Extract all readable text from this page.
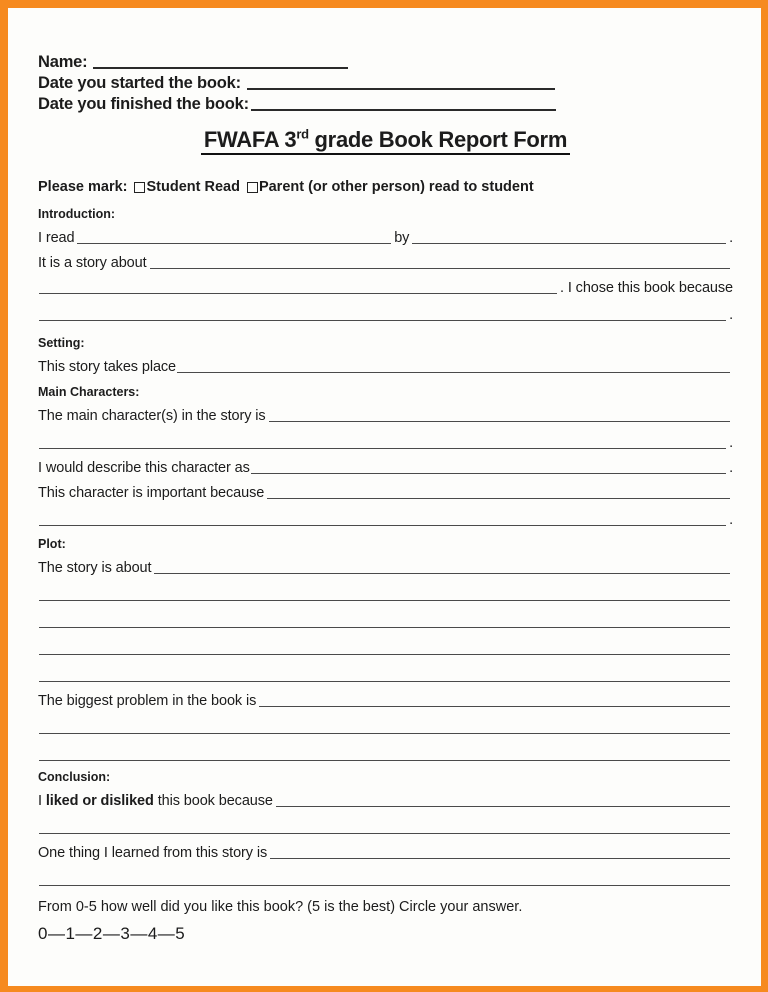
Name:
Date you started the book:
Date you finished the book:
FWAFA 3rd grade Book Report Form
Please mark: Student Read Parent (or other person) read to student
Introduction:
I read	by	.
It is a story about
. I chose this book because
.
Setting:
This story takes place
Main Characters:
The main character(s) in the story is
.
I would describe this character as	.
This character is important because
.
Plot:
The story is about
The biggest problem in the book is
Conclusion:
I liked or disliked this book because
One thing I learned from this story is
From 0-5 how well did you like this book? (5 is the best) Circle your answer.
0—1—2—3—4—5
